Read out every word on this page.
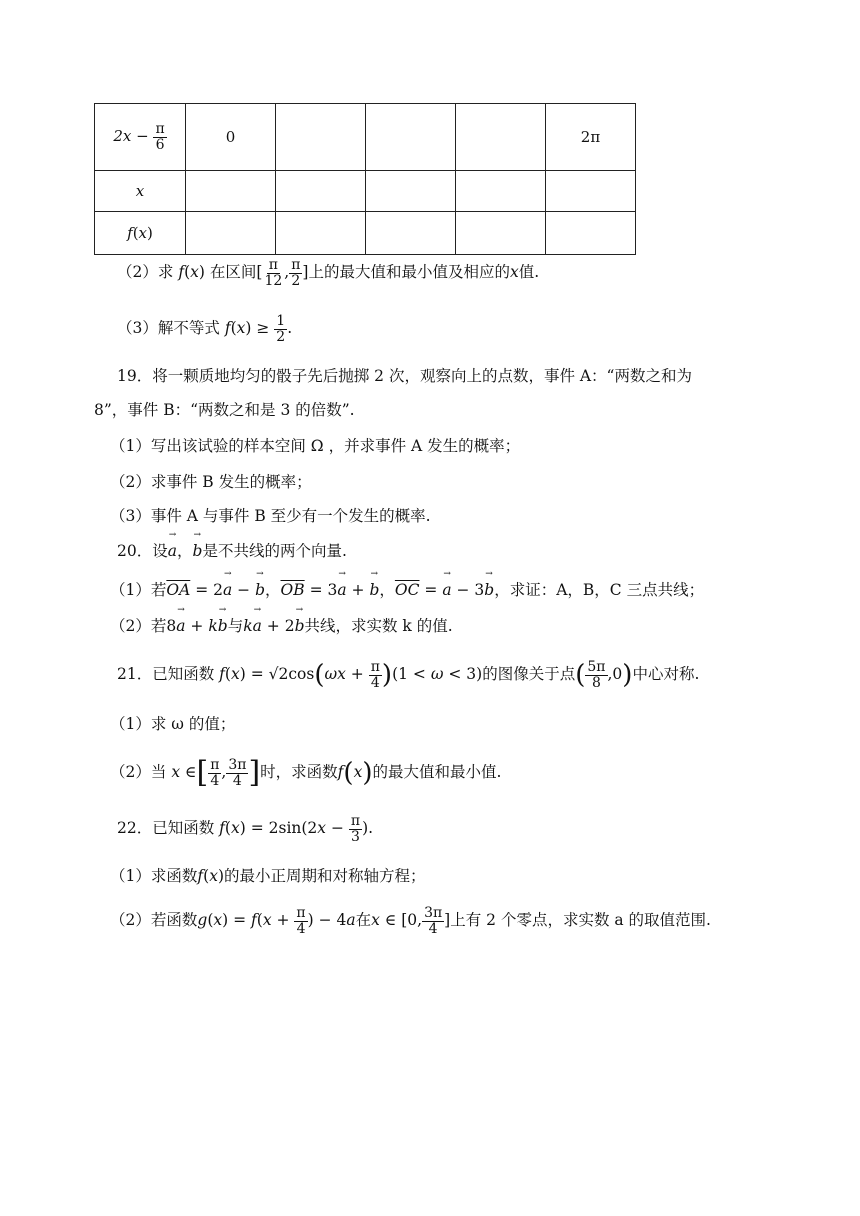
$2x - \frac{\pi}{6}$	0				2π
x					
f(x)					
（2）求 f(x) 在区间[ $\frac{\pi}{12}$ , $\frac{\pi}{2}$ ]上的最大值和最小值及相应的x值.
（3）解不等式 $f(x) \ge \frac{1}{2}$ .
19．将一颗质地均匀的骰子先后抛掷 2 次，观察向上的点数，事件 A：“两数之和为
8”，事件 B：“两数之和是 3 的倍数”.
（1）写出该试验的样本空间 Ω ，并求事件 A 发生的概率；
（2）求事件 B 发生的概率；
（3）事件 A 与事件 B 至少有一个发生的概率.
20．设→ a，→ b是不共线的两个向量.
（1）若$\overline{OA} = 2\to a$ − → b，$\overline{OB} = 3\to a$ + → b，$\overline{OC}$ = → a − 3→ b，求证：A，B，C 三点共线；
（2）若8→ a + k→ b与k→ a + 2→ b共线，求实数 k 的值.
21．已知函数 $f(x) = √2\cos(\omega x + \frac{\pi}{4} )(1 < \omega < 3)$的图像关于点( $\frac{5\pi}{8} ,0$)中心对称.
（1）求 ω 的值；
（2）当 x ∈[ $\frac{\pi}{4}$ , $\frac{3\pi}{4}$ ]时，求函数f(x)的最大值和最小值.
22．已知函数 $f(x) = 2\sin(2x - \frac{\pi}{3}$ ).
（1）求函数f(x)的最小正周期和对称轴方程；
（2）若函数$g(x) = f(x + \frac{\pi}{4}$ ) − 4a在x ∈ [0, $\frac{3\pi}{4}$ ]上有 2 个零点，求实数 a 的取值范围.
